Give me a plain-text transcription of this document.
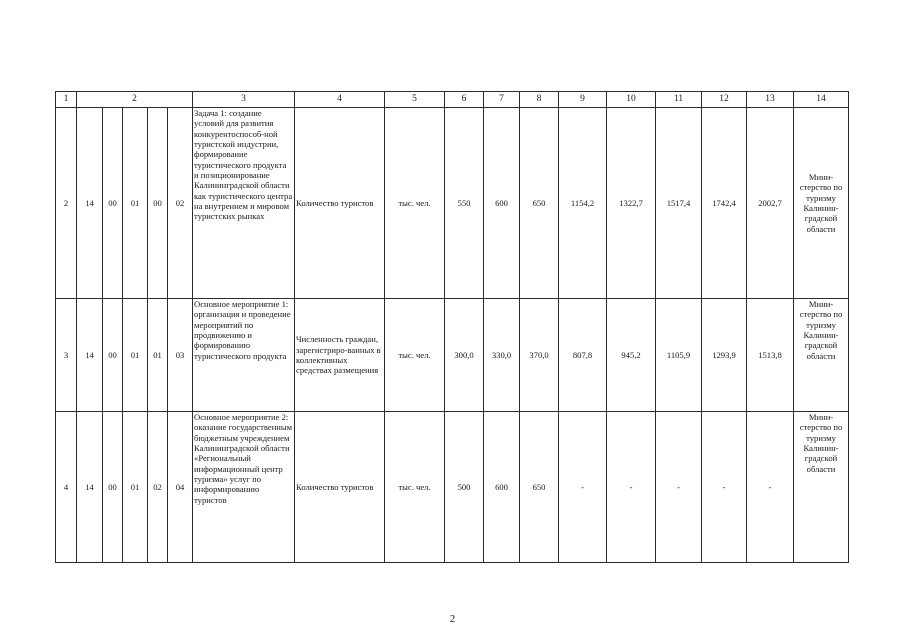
1	2					3	4	5	6	7	8	9	10	11	12	13	14
2	14	00	01	00	02	Задача 1: создание условий для развития конкурентоспособ-ной туристской индустрии, формирование туристического продукта и позиционирование Калининградской области как туристического центра на внутреннем и мировом туристских рынках	Количество туристов	тыс. чел.	550	600	650	1154,2	1322,7	1517,4	1742,4	2002,7	Мини-стерство по туризму Калинин-градской области
3	14	00	01	01	03	Основное мероприятие 1: организация и проведение мероприятий по продвижению и формированию туристического продукта	Численность граждан, зарегистриро-ванных в коллективных средствах размещения	тыс. чел.	300,0	330,0	370,0	807,8	945,2	1105,9	1293,9	1513,8	Мини-стерство по туризму Калинин-градской области
4	14	00	01	02	04	Основное мероприятие 2: оказание государственным бюджетным учреждением Калининградской области «Региональный информационный центр туризма» услуг по информированию туристов	Количество туристов	тыс. чел.	500	600	650	-	-	-	-	-	Мини-стерство по туризму Калинин-градской области
2
